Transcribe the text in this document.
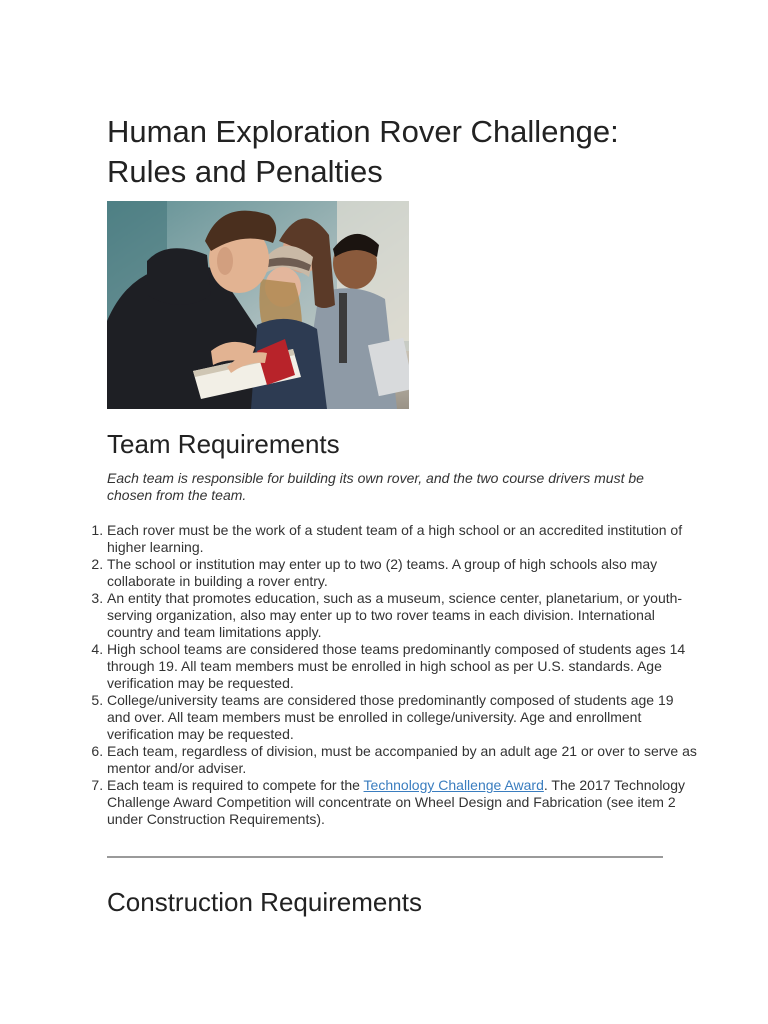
Human Exploration Rover Challenge: Rules and Penalties
Team Requirements

Each team is responsible for building its own rover, and the two course drivers must be chosen from the team.

1. Each rover must be the work of a student team of a high school or an accredited institution of higher learning.
2. The school or institution may enter up to two (2) teams. A group of high schools also may collaborate in building a rover entry.
3. An entity that promotes education, such as a museum, science center, planetarium, or youth-serving organization, also may enter up to two rover teams in each division. International country and team limitations apply.
4. High school teams are considered those teams predominantly composed of students ages 14 through 19. All team members must be enrolled in high school as per U.S. standards. Age verification may be requested.
5. College/university teams are considered those predominantly composed of students age 19 and over. All team members must be enrolled in college/university. Age and enrollment verification may be requested.
6. Each team, regardless of division, must be accompanied by an adult age 21 or over to serve as mentor and/or adviser.
7. Each team is required to compete for the Technology Challenge Award. The 2017 Technology Challenge Award Competition will concentrate on Wheel Design and Fabrication (see item 2 under Construction Requirements).
Construction Requirements
